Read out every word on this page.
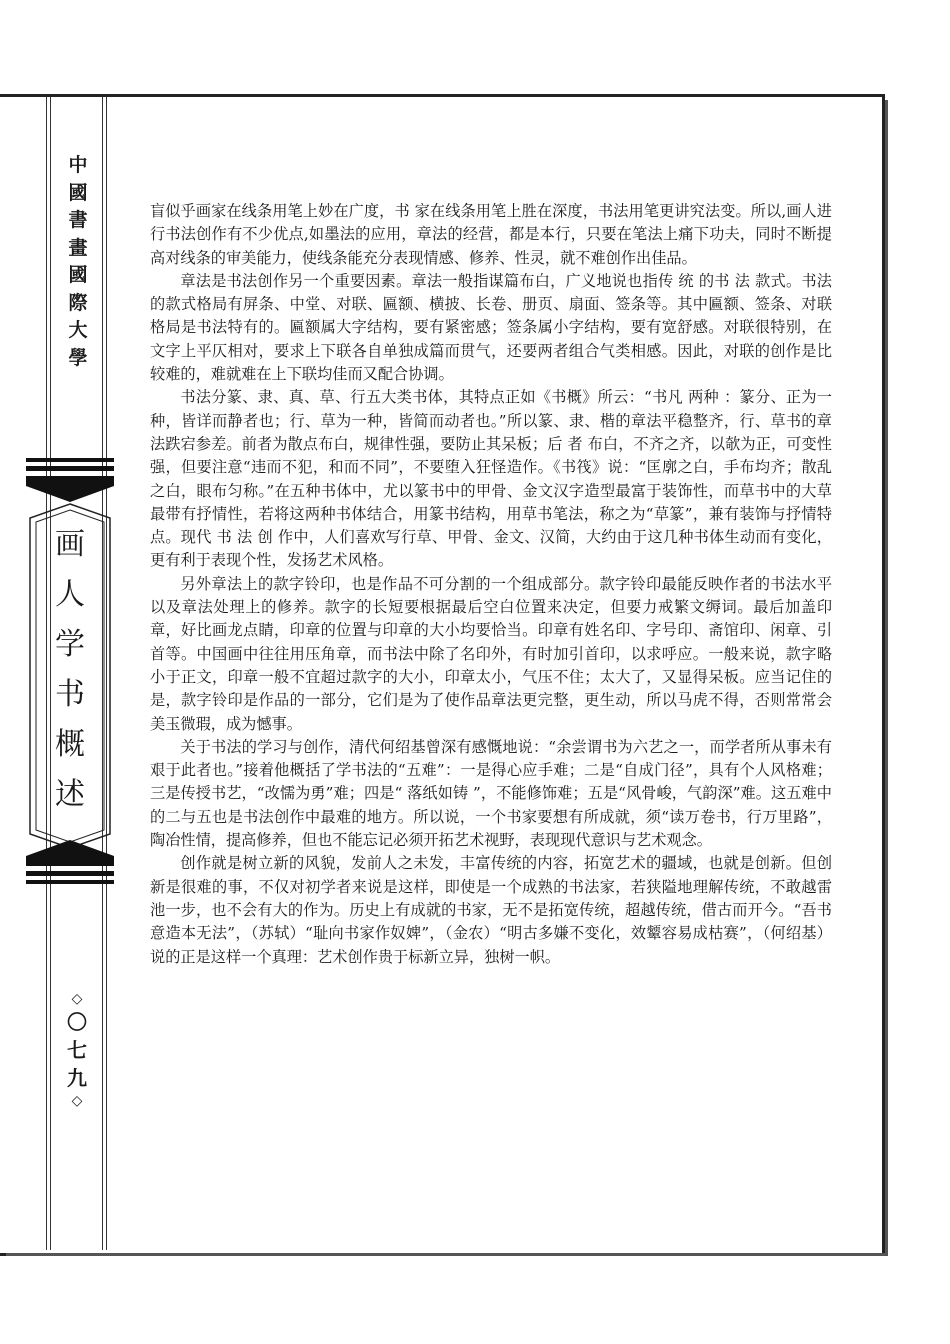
中
國
書
畫
國
際
大
學
画
人
学
书
概
述
◇
〇
七
九
◇

盲似乎画家在线条用笔上妙在广度，书 家在线条用笔上胜在深度，书法用笔更讲究法变。所以,画人进行书法创作有不少优点,如墨法的应用，章法的经营，都是本行，只要在笔法上痛下功夫，同时不断提高对线条的审美能力，使线条能充分表现情感、修养、性灵，就不难创作出佳品。

章法是书法创作另一个重要因素。章法一般指谋篇布白，广义地说也指传 统 的书 法 款式。书法的款式格局有屏条、中堂、对联、匾额、横披、长卷、册页、扇面、签条等。其中匾额、签条、对联格局是书法特有的。匾额属大字结构，要有紧密感；签条属小字结构，要有宽舒感。对联很特别，在文字上平仄相对，要求上下联各自单独成篇而贯气，还要两者组合气类相感。因此，对联的创作是比较难的，难就难在上下联均佳而又配合协调。

书法分篆、隶、真、草、行五大类书体，其特点正如《书概》所云：“书凡 两种 ：篆分、正为一种，皆详而静者也；行、草为一种，皆简而动者也。”所以篆、隶、楷的章法平稳整齐，行、草书的章法跌宕参差。前者为散点布白，规律性强，要防止其呆板；后 者 布白，不齐之齐，以欹为正，可变性强，但要注意“违而不犯，和而不同”，不要堕入狂怪造作。《书筏》说：“匡廓之白，手布均齐；散乱之白，眼布匀称。”在五种书体中，尤以篆书中的甲骨、金文汉字造型最富于装饰性，而草书中的大草最带有抒情性，若将这两种书体结合，用篆书结构，用草书笔法，称之为“草篆”，兼有装饰与抒情特点。现代 书 法 创 作中，人们喜欢写行草、甲骨、金文、汉简，大约由于这几种书体生动而有变化，更有利于表现个性，发扬艺术风格。

另外章法上的款字铃印，也是作品不可分割的一个组成部分。款字铃印最能反映作者的书法水平以及章法处理上的修养。款字的长短要根据最后空白位置来决定，但要力戒繁文缛词。最后加盖印章，好比画龙点睛，印章的位置与印章的大小均要恰当。印章有姓名印、字号印、斋馆印、闲章、引首等。中国画中往往用压角章，而书法中除了名印外，有时加引首印，以求呼应。一般来说，款字略小于正文，印章一般不宜超过款字的大小，印章太小，气压不住；太大了，又显得呆板。应当记住的是，款字铃印是作品的一部分，它们是为了使作品章法更完整，更生动，所以马虎不得，否则常常会美玉微瑕，成为憾事。

关于书法的学习与创作，清代何绍基曾深有感慨地说：“余尝谓书为六艺之一，而学者所从事未有艰于此者也。”接着他概括了学书法的“五难”：一是得心应手难；二是“自成门径”，具有个人风格难；三是传授书艺，“改懦为勇”难；四是“ 落纸如铸 ”，不能修饰难；五是“风骨峻，气韵深”难。这五难中的二与五也是书法创作中最难的地方。所以说，一个书家要想有所成就，须“读万卷书，行万里路”，陶冶性情，提高修养，但也不能忘记必须开拓艺术视野，表现现代意识与艺术观念。

创作就是树立新的风貌，发前人之未发，丰富传统的内容，拓宽艺术的疆域，也就是创新。但创新是很难的事，不仅对初学者来说是这样，即使是一个成熟的书法家，若狭隘地理解传统，不敢越雷池一步，也不会有大的作为。历史上有成就的书家，无不是拓宽传统，超越传统，借古而开今。“吾书意造本无法”，（苏轼）“耻向书家作奴婢”，（金农）“明古多嫌不变化，效颦容易成枯赛”，（何绍基）说的正是这样一个真理：艺术创作贵于标新立异，独树一帜。
